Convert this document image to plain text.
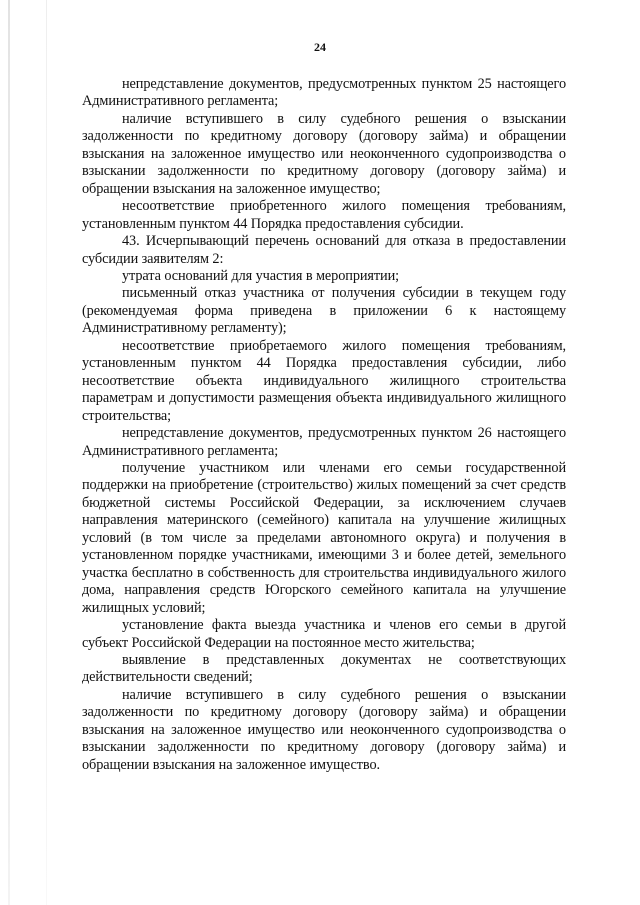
24

непредставление документов, предусмотренных пунктом 25 настоящего Административного регламента;

наличие вступившего в силу судебного решения о взыскании задолженности по кредитному договору (договору займа) и обращении взыскания на заложенное имущество или неоконченного судопроизводства о взыскании задолженности по кредитному договору (договору займа) и обращении взыскания на заложенное имущество;

несоответствие приобретенного жилого помещения требованиям, установленным пунктом 44 Порядка предоставления субсидии.

43. Исчерпывающий перечень оснований для отказа в предоставлении субсидии заявителям 2:

утрата оснований для участия в мероприятии;

письменный отказ участника от получения субсидии в текущем году (рекомендуемая форма приведена в приложении 6 к настоящему Административному регламенту);

несоответствие приобретаемого жилого помещения требованиям, установленным пунктом 44 Порядка предоставления субсидии, либо несоответствие объекта индивидуального жилищного строительства параметрам и допустимости размещения объекта индивидуального жилищного строительства;

непредставление документов, предусмотренных пунктом 26 настоящего Административного регламента;

получение участником или членами его семьи государственной поддержки на приобретение (строительство) жилых помещений за счет средств бюджетной системы Российской Федерации, за исключением случаев направления материнского (семейного) капитала на улучшение жилищных условий (в том числе за пределами автономного округа) и получения в установленном порядке участниками, имеющими 3 и более детей, земельного участка бесплатно в собственность для строительства индивидуального жилого дома, направления средств Югорского семейного капитала на улучшение жилищных условий;

установление факта выезда участника и членов его семьи в другой субъект Российской Федерации на постоянное место жительства;

выявление в представленных документах не соответствующих действительности сведений;

наличие вступившего в силу судебного решения о взыскании задолженности по кредитному договору (договору займа) и обращении взыскания на заложенное имущество или неоконченного судопроизводства о взыскании задолженности по кредитному договору (договору займа) и обращении взыскания на заложенное имущество.
